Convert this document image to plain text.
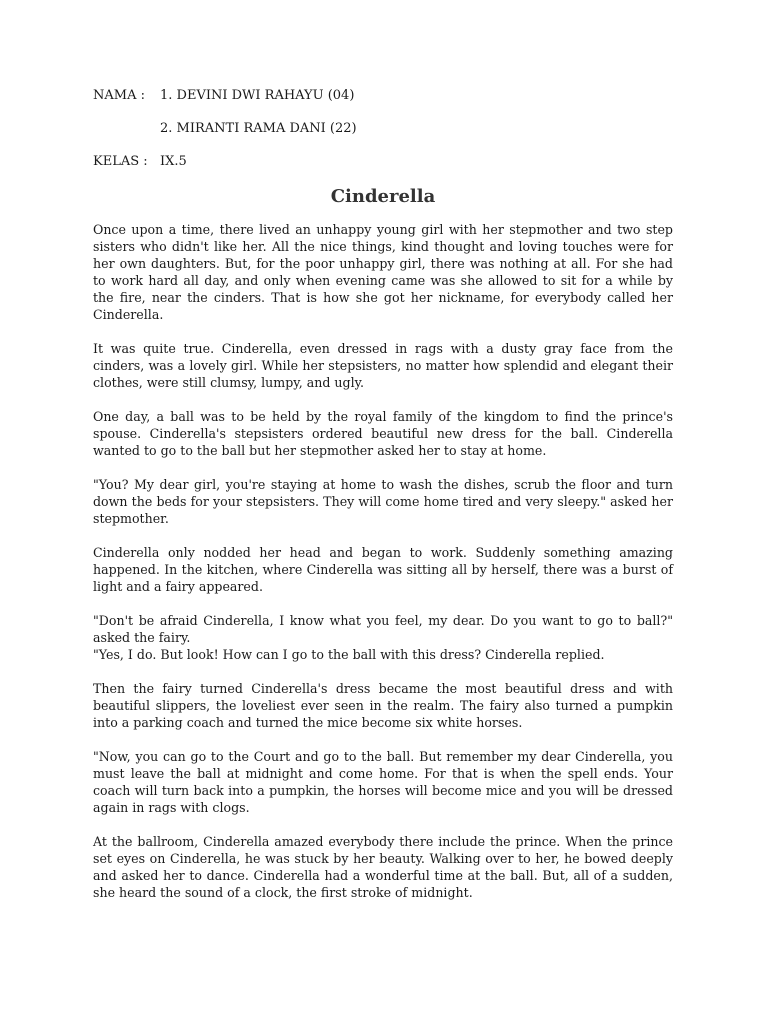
NAMA :	1. DEVINI DWI RAHAYU (04)
2. MIRANTI RAMA DANI (22)
KELAS : IX.5
Cinderella

Once upon a time, there lived an unhappy young girl with her stepmother and two step sisters who didn't like her. All the nice things, kind thought and loving touches were for her own daughters. But, for the poor unhappy girl, there was nothing at all. For she had to work hard all day, and only when evening came was she allowed to sit for a while by the fire, near the cinders. That is how she got her nickname, for everybody called her Cinderella.

It was quite true. Cinderella, even dressed in rags with a dusty gray face from the cinders, was a lovely girl. While her stepsisters, no matter how splendid and elegant their clothes, were still clumsy, lumpy, and ugly.

One day, a ball was to be held by the royal family of the kingdom to find the prince's spouse. Cinderella's stepsisters ordered beautiful new dress for the ball. Cinderella wanted to go to the ball but her stepmother asked her to stay at home.

"You? My dear girl, you're staying at home to wash the dishes, scrub the floor and turn down the beds for your stepsisters. They will come home tired and very sleepy." asked her stepmother.

Cinderella only nodded her head and began to work. Suddenly something amazing happened. In the kitchen, where Cinderella was sitting all by herself, there was a burst of light and a fairy appeared.

"Don't be afraid Cinderella, I know what you feel, my dear. Do you want to go to ball?" asked the fairy.

"Yes, I do. But look! How can I go to the ball with this dress? Cinderella replied.

Then the fairy turned Cinderella's dress became the most beautiful dress and with beautiful slippers, the loveliest ever seen in the realm. The fairy also turned a pumpkin into a parking coach and turned the mice become six white horses.

"Now, you can go to the Court and go to the ball. But remember my dear Cinderella, you must leave the ball at midnight and come home. For that is when the spell ends. Your coach will turn back into a pumpkin, the horses will become mice and you will be dressed again in rags with clogs.

At the ballroom, Cinderella amazed everybody there include the prince. When the prince set eyes on Cinderella, he was stuck by her beauty. Walking over to her, he bowed deeply and asked her to dance. Cinderella had a wonderful time at the ball. But, all of a sudden, she heard the sound of a clock, the first stroke of midnight.
